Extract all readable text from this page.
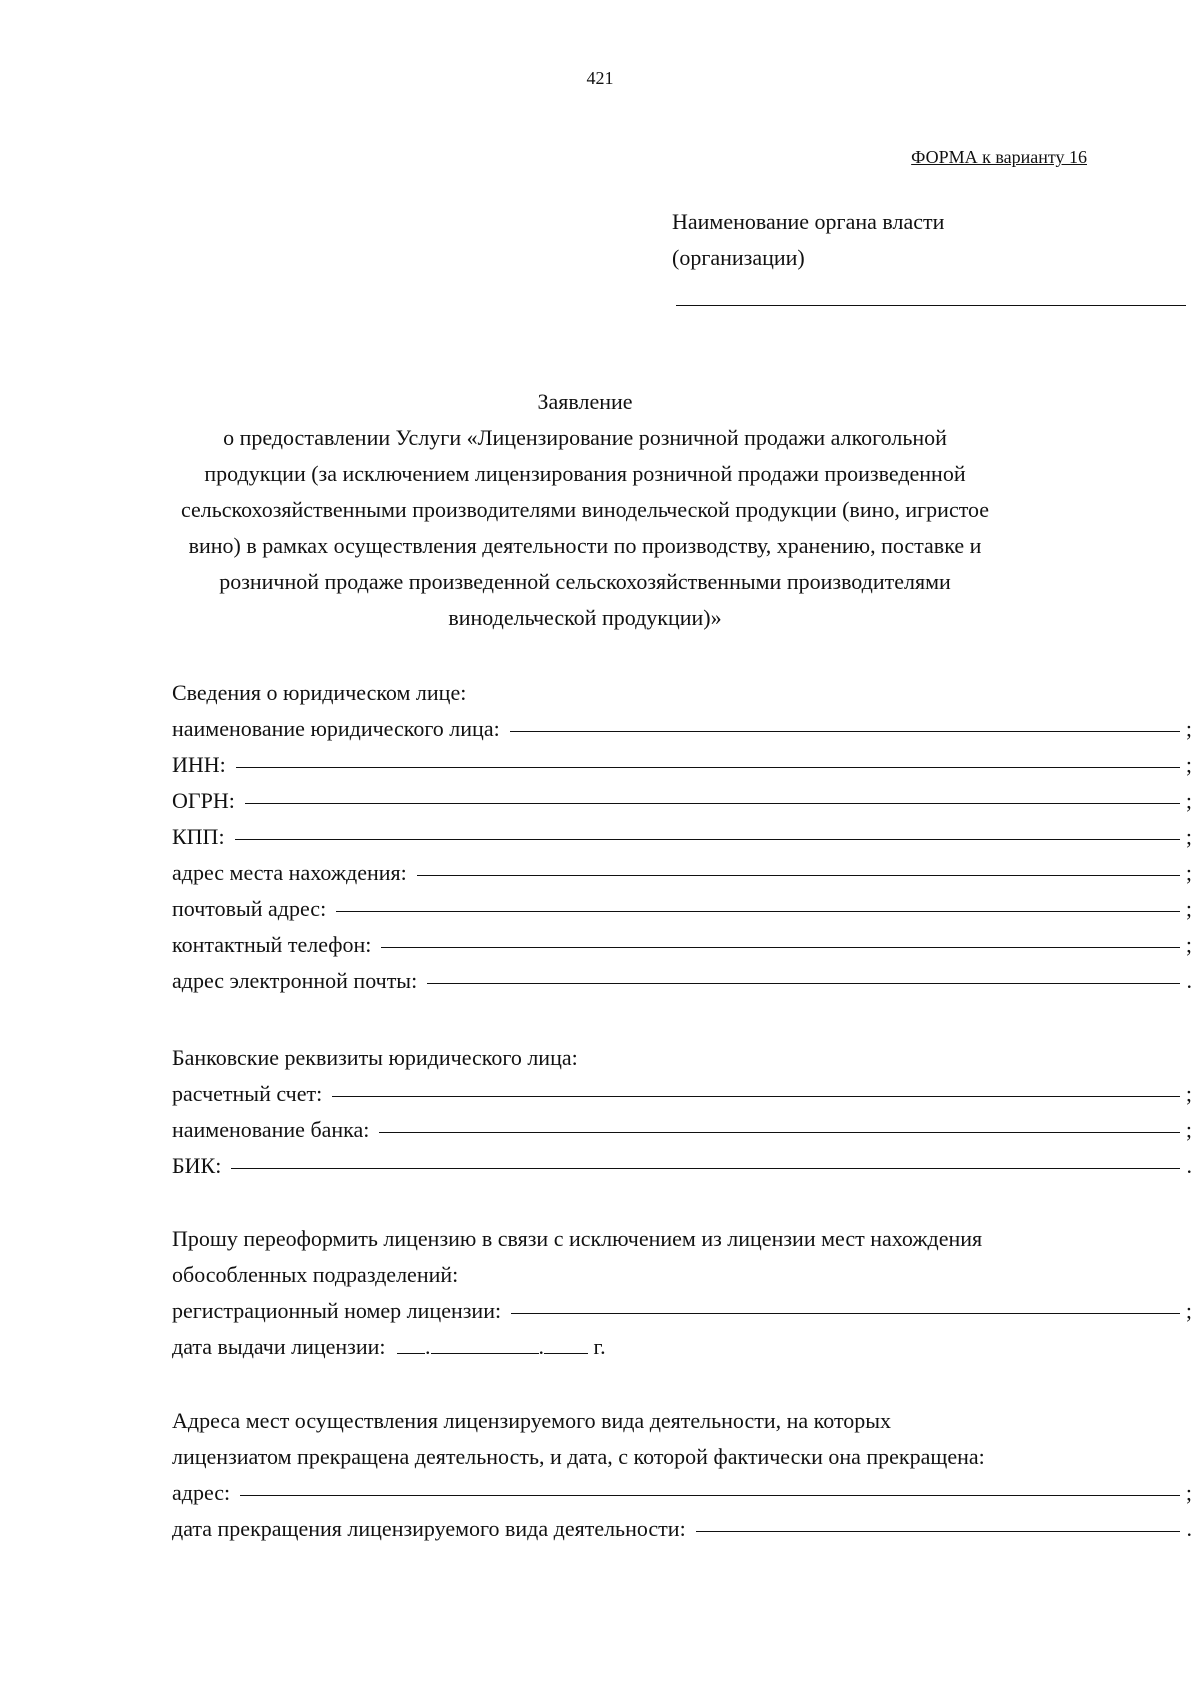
421
ФОРМА к варианту 16
Наименование органа власти
(организации)
Заявление
о предоставлении Услуги «Лицензирование розничной продажи алкогольной
продукции (за исключением лицензирования розничной продажи произведенной
сельскохозяйственными производителями винодельческой продукции (вино, игристое
вино) в рамках осуществления деятельности по производству, хранению, поставке и
розничной продаже произведенной сельскохозяйственными производителями
винодельческой продукции)»
Сведения о юридическом лице:
наименование юридического лица:	;
ИНН:	;
ОГРН:	;
КПП:	;
адрес места нахождения:	;
почтовый адрес:	;
контактный телефон:	;
адрес электронной почты:	.
Банковские реквизиты юридического лица:
расчетный счет:	;
наименование банка:	;
БИК:	.
Прошу переоформить лицензию в связи с исключением из лицензии мест нахождения
обособленных подразделений:
регистрационный номер лицензии:	;
дата выдачи лицензии: .	. г.
Адреса мест осуществления лицензируемого вида деятельности, на которых
лицензиатом прекращена деятельность, и дата, с которой фактически она прекращена:
адрес:	;
дата прекращения лицензируемого вида деятельности:	.
